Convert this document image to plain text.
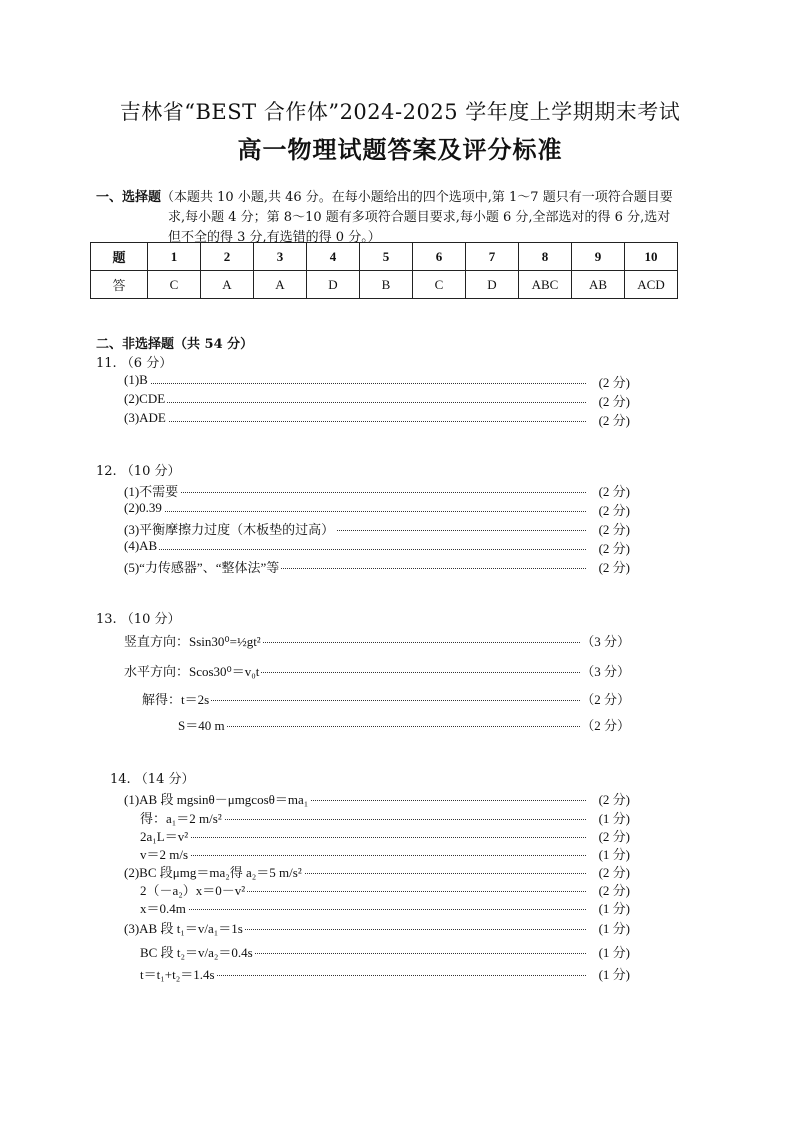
吉林省“BEST 合作体”2024-2025 学年度上学期期末考试
高一物理试题答案及评分标准
一、选择题（本题共 10 小题,共 46 分。在每小题给出的四个选项中,第 1～7 题只有一项符合题目要
求,每小题 4 分；第 8～10 题有多项符合题目要求,每小题 6 分,全部选对的得 6 分,选对
但不全的得 3 分,有选错的得 0 分。）
题	1	2	3	4	5	6	7	8	9	10
答	C	A	A	D	B	C	D	ABC	AB	ACD
二、非选择题（共 54 分）
11. （6 分）
(1)B	(2 分)
(2)CDE	(2 分)
(3)ADE	(2 分)
12. （10 分）
(1)不需要	(2 分)
(2)0.39	(2 分)
(3)平衡摩擦力过度（木板垫的过高）	(2 分)
(4)AB	(2 分)
(5)“力传感器”、“整体法”等	(2 分)
13. （10 分）
竖直方向：Ssin30⁰=½gt²	（3 分）
水平方向：Scos30⁰＝v₀t	（3 分）
解得：t＝2s	（2 分）
S＝40 m	（2 分）
14. （14 分）
(1)AB 段 mgsinθ－μmgcosθ＝ma₁	(2 分)
得：a₁＝2 m/s²	(1 分)
2a₁L＝v²	(2 分)
v＝2 m/s	(1 分)
(2)BC 段μmg＝ma₂得 a₂＝5 m/s²	(2 分)
2（－a₂）x＝0－v²	(2 分)
x＝0.4m	(1 分)
(3)AB 段 t₁＝v/a₁＝1s	(1 分)
BC 段 t₂＝v/a₂＝0.4s	(1 分)
t＝t₁+t₂＝1.4s	(1 分)
